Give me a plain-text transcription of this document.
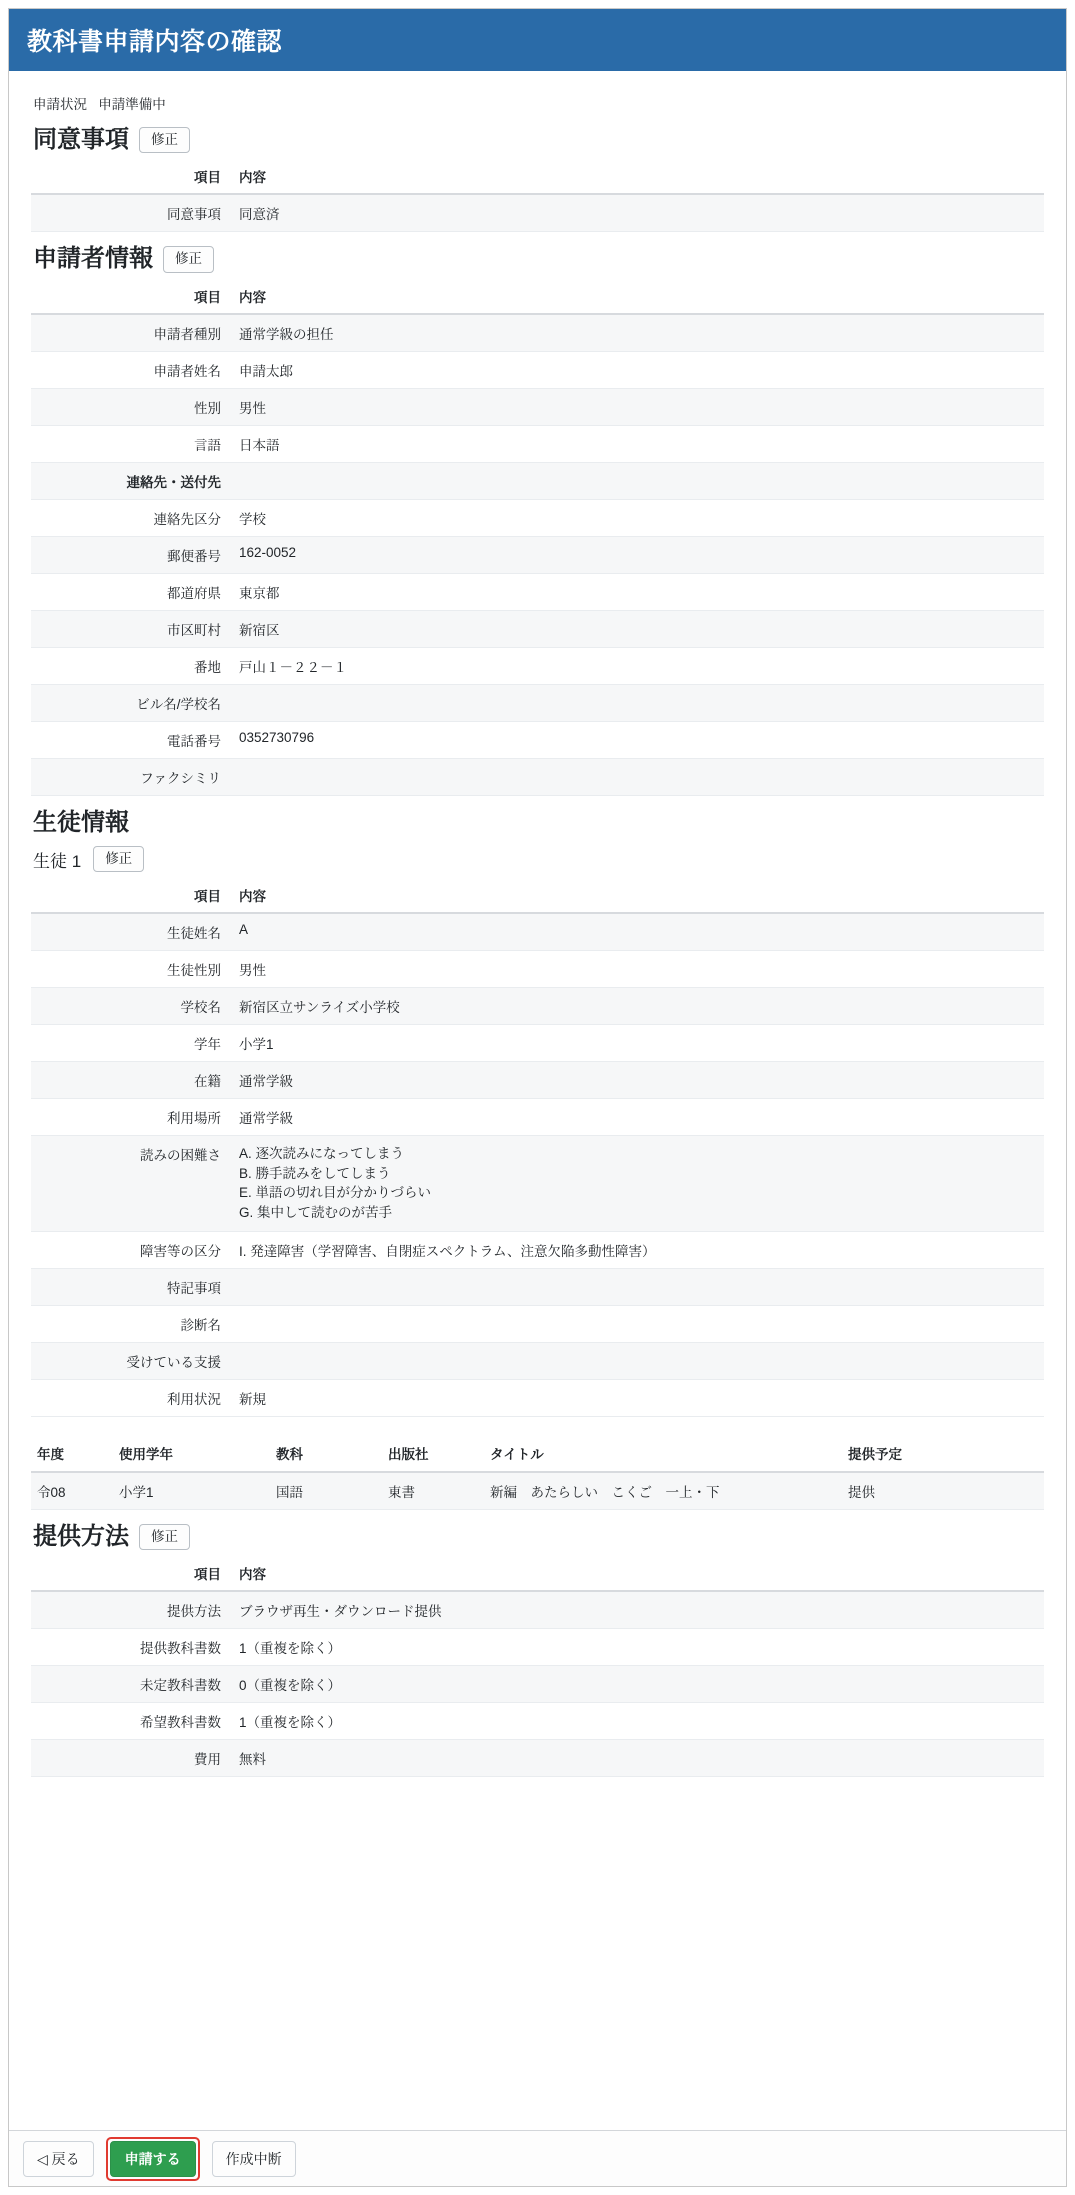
教科書申請内容の確認
申請状況 申請準備中
同意事項	修正
項目	内容
同意事項	同意済
申請者情報	修正
項目	内容
申請者種別	通常学級の担任
申請者姓名	申請太郎
性別	男性
言語	日本語
連絡先・送付先	
連絡先区分	学校
郵便番号	162-0052
都道府県	東京都
市区町村	新宿区
番地	戸山１－２２－１
ビル名/学校名	
電話番号	0352730796
ファクシミリ	
生徒情報
生徒 1	修正
項目	内容
生徒姓名	A
生徒性別	男性
学校名	新宿区立サンライズ小学校
学年	小学1
在籍	通常学級
利用場所	通常学級
読みの困難さ	A. 逐次読みになってしまう
B. 勝手読みをしてしまう
E. 単語の切れ目が分かりづらい
G. 集中して読むのが苦手

障害等の区分	I. 発達障害（学習障害、自閉症スペクトラム、注意欠陥多動性障害）
特記事項	
診断名	
受けている支援	
利用状況	新規
年度	使用学年	教科	出版社	タイトル	提供予定
令08	小学1	国語	東書	新編　あたらしい　こくご　一上・下	提供
提供方法	修正
項目	内容
提供方法	ブラウザ再生・ダウンロード提供
提供教科書数	1（重複を除く）
未定教科書数	0（重複を除く）
希望教科書数	1（重複を除く）
費用	無料
◁ 戻る	申請する	作成中断
